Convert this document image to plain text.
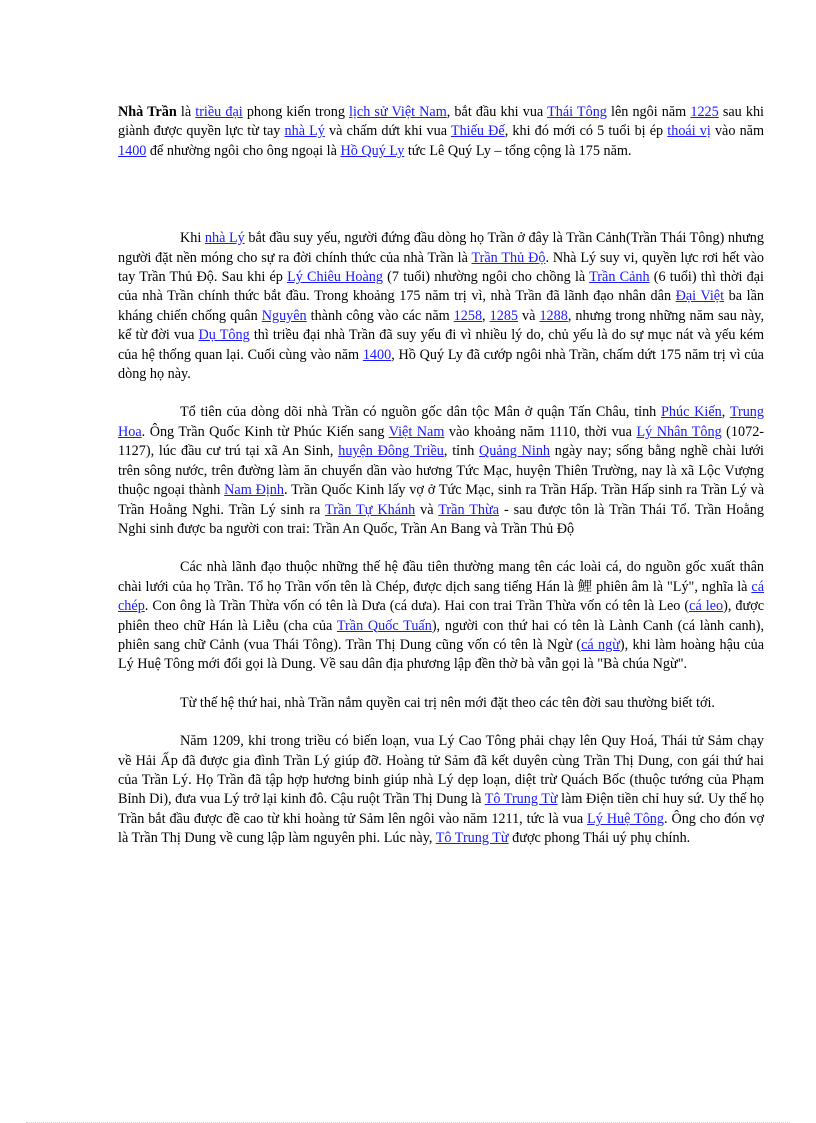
Nhà Trần là triều đại phong kiến trong lịch sử Việt Nam, bắt đầu khi vua Thái Tông lên ngôi năm 1225 sau khi giành được quyền lực từ tay nhà Lý và chấm dứt khi vua Thiếu Đế, khi đó mới có 5 tuổi bị ép thoái vị vào năm 1400 để nhường ngôi cho ông ngoại là Hồ Quý Ly tức Lê Quý Ly – tổng cộng là 175 năm.

Khi nhà Lý bắt đầu suy yếu, người đứng đầu dòng họ Trần ở đây là Trần Cảnh(Trần Thái Tông) nhưng người đặt nền móng cho sự ra đời chính thức của nhà Trần là Trần Thủ Độ. Nhà Lý suy vi, quyền lực rơi hết vào tay Trần Thủ Độ. Sau khi ép Lý Chiêu Hoàng (7 tuổi) nhường ngôi cho chồng là Trần Cảnh (6 tuổi) thì thời đại của nhà Trần chính thức bắt đầu. Trong khoảng 175 năm trị vì, nhà Trần đã lãnh đạo nhân dân Đại Việt ba lần kháng chiến chống quân Nguyên thành công vào các năm 1258, 1285 và 1288, nhưng trong những năm sau này, kể từ đời vua Dụ Tông thì triều đại nhà Trần đã suy yếu đi vì nhiều lý do, chủ yếu là do sự mục nát và yếu kém của hệ thống quan lại. Cuối cùng vào năm 1400, Hồ Quý Ly đã cướp ngôi nhà Trần, chấm dứt 175 năm trị vì của dòng họ này.

Tổ tiên của dòng dõi nhà Trần có nguồn gốc dân tộc Mân ở quận Tấn Châu, tỉnh Phúc Kiến, Trung Hoa. Ông Trần Quốc Kinh từ Phúc Kiến sang Việt Nam vào khoảng năm 1110, thời vua Lý Nhân Tông (1072-1127), lúc đầu cư trú tại xã An Sinh, huyện Đông Triều, tỉnh Quảng Ninh ngày nay; sống bằng nghề chài lưới trên sông nước, trên đường làm ăn chuyển dần vào hương Tức Mạc, huyện Thiên Trường, nay là xã Lộc Vượng thuộc ngoại thành Nam Định. Trần Quốc Kinh lấy vợ ở Tức Mạc, sinh ra Trần Hấp. Trần Hấp sinh ra Trần Lý và Trần Hoằng Nghi. Trần Lý sinh ra Trần Tự Khánh và Trần Thừa - sau được tôn là Trần Thái Tổ. Trần Hoằng Nghi sinh được ba người con trai: Trần An Quốc, Trần An Bang và Trần Thủ Độ

Các nhà lãnh đạo thuộc những thế hệ đầu tiên thường mang tên các loài cá, do nguồn gốc xuất thân chài lưới của họ Trần. Tổ họ Trần vốn tên là Chép, được dịch sang tiếng Hán là 鯉 phiên âm là "Lý", nghĩa là cá chép. Con ông là Trần Thừa vốn có tên là Dưa (cá dưa). Hai con trai Trần Thừa vốn có tên là Leo (cá leo), được phiên theo chữ Hán là Liễu (cha của Trần Quốc Tuấn), người con thứ hai có tên là Lành Canh (cá lành canh), phiên sang chữ Cảnh (vua Thái Tông). Trần Thị Dung cũng vốn có tên là Ngừ (cá ngừ), khi làm hoàng hậu của Lý Huệ Tông mới đổi gọi là Dung. Về sau dân địa phương lập đền thờ bà vẫn gọi là "Bà chúa Ngừ".

Từ thế hệ thứ hai, nhà Trần nắm quyền cai trị nên mới đặt theo các tên đời sau thường biết tới.

Năm 1209, khi trong triều có biến loạn, vua Lý Cao Tông phải chạy lên Quy Hoá, Thái tử Sảm chạy về Hải Ấp đã được gia đình Trần Lý giúp đỡ. Hoàng tử Sảm đã kết duyên cùng Trần Thị Dung, con gái thứ hai của Trần Lý. Họ Trần đã tập hợp hương binh giúp nhà Lý dẹp loạn, diệt trừ Quách Bốc (thuộc tướng của Phạm Bỉnh Di), đưa vua Lý trở lại kinh đô. Cậu ruột Trần Thị Dung là Tô Trung Từ làm Điện tiền chỉ huy sứ. Uy thế họ Trần bắt đầu được đề cao từ khi hoàng tử Sảm lên ngôi vào năm 1211, tức là vua Lý Huệ Tông. Ông cho đón vợ là Trần Thị Dung về cung lập làm nguyên phi. Lúc này, Tô Trung Từ được phong Thái uý phụ chính.
